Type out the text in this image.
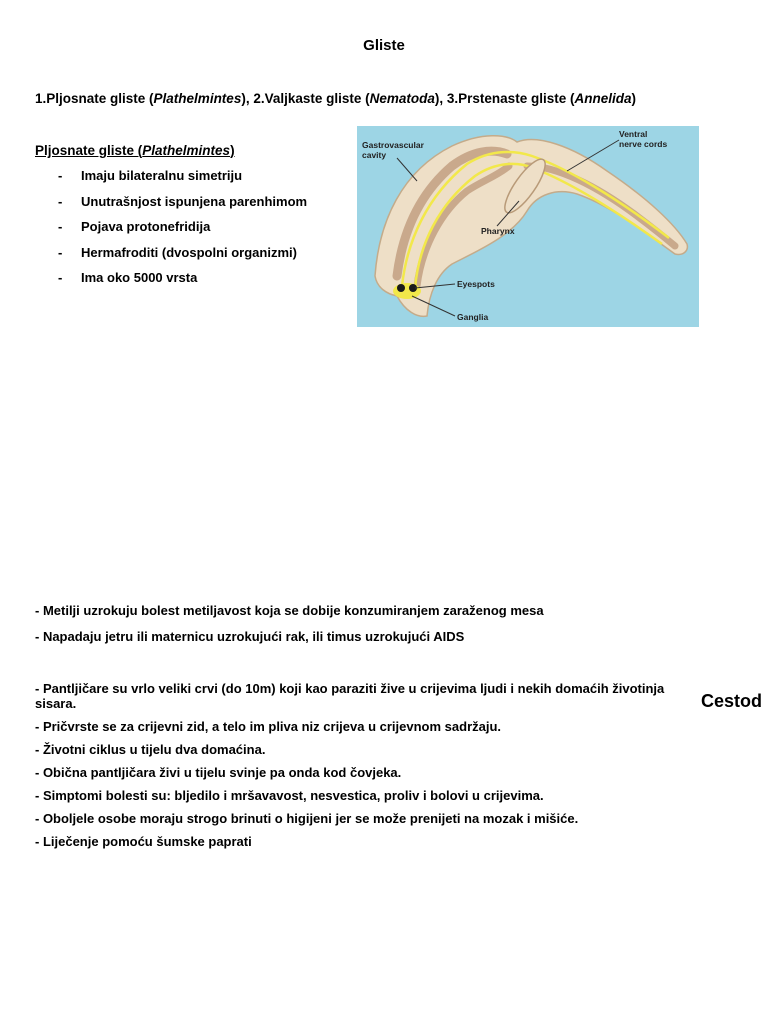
Gliste
1.Pljosnate gliste (Plathelmintes), 2.Valjkaste gliste (Nematoda), 3.Prstenaste gliste (Annelida)
Pljosnate gliste (Plathelmintes)
- Imaju bilateralnu simetriju
- Unutrašnjost ispunjena parenhimom
- Pojava protonefridija
- Hermafroditi (dvospolni organizmi)
- Ima oko 5000 vrsta
Gastrovascular
cavity
Ventral
nerve cords
Pharynx
Eyespots
Ganglia
- Metilji uzrokuju bolest metiljavost koja se dobije konzumiranjem zaraženog mesa
- Napadaju jetru ili maternicu uzrokujući rak, ili timus uzrokujući AIDS
- Pantljičare su vrlo veliki crvi (do 10m) koji kao paraziti žive u crijevima ljudi i nekih domaćih životinja sisara.
- Pričvrste se za crijevni zid, a telo im pliva niz crijeva u crijevnom sadržaju.
- Životni ciklus u tijelu dva domaćina.
- Obična pantljičara živi u tijelu svinje pa onda kod čovjeka.
- Simptomi bolesti su: bljedilo i mršavavost, nesvestica, proliv i bolovi u crijevima.
- Oboljele osobe moraju strogo brinuti o higijeni jer se može prenijeti na mozak i mišiće.
- Liječenje pomoću šumske paprati
Cestod
